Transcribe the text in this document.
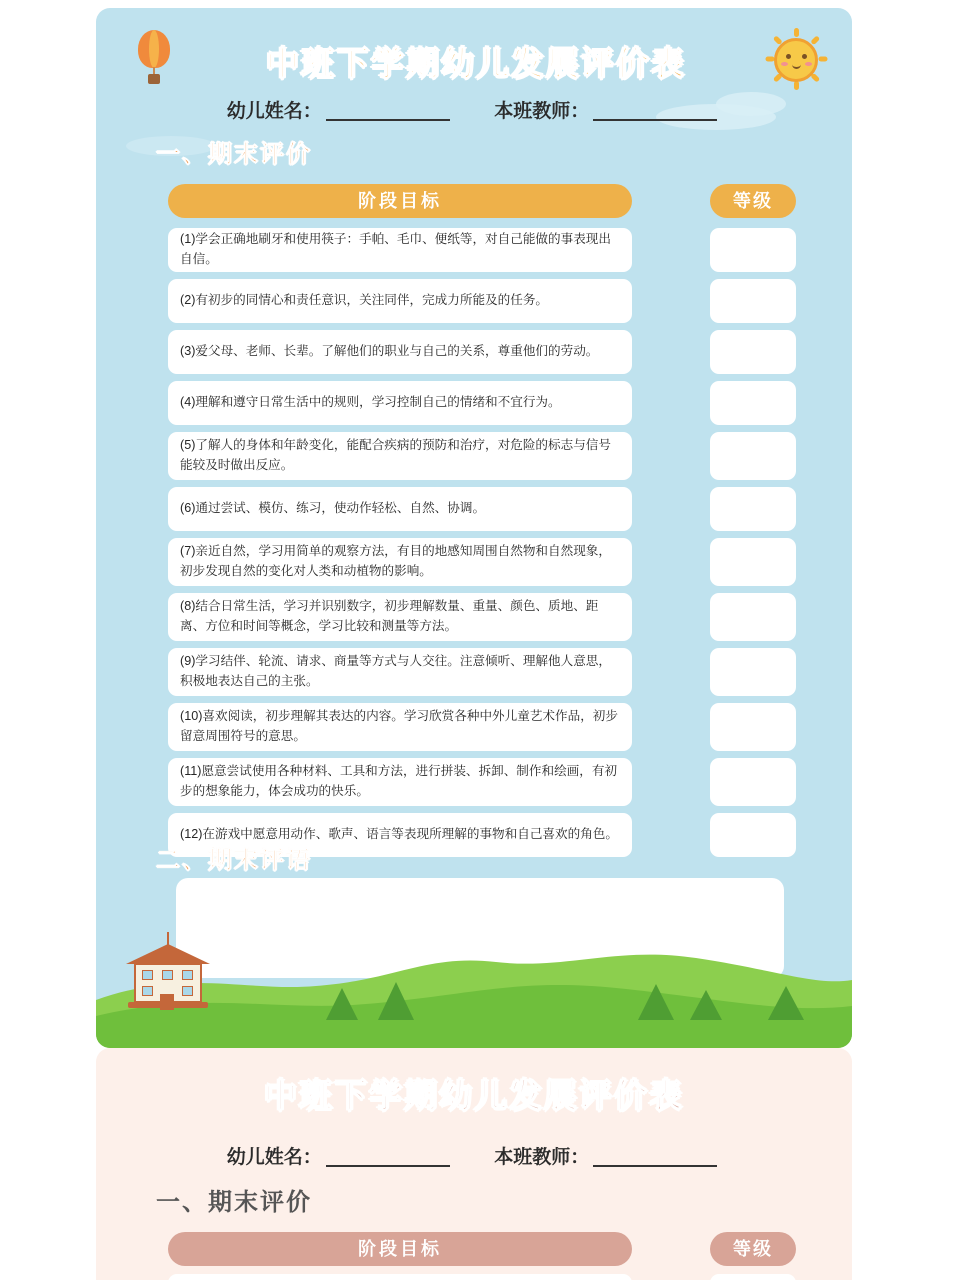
中班下学期幼儿发展评价表
幼儿姓名：	本班教师：
一、期末评价
阶段目标	等级
(1)学会正确地刷牙和使用筷子：手帕、毛巾、便纸等，对自己能做的事表现出自信。
(2)有初步的同情心和责任意识，关注同伴，完成力所能及的任务。
(3)爱父母、老师、长辈。了解他们的职业与自己的关系，尊重他们的劳动。
(4)理解和遵守日常生活中的规则，学习控制自己的情绪和不宜行为。
(5)了解人的身体和年龄变化，能配合疾病的预防和治疗，对危险的标志与信号能较及时做出反应。
(6)通过尝试、模仿、练习，使动作轻松、自然、协调。
(7)亲近自然，学习用简单的观察方法，有目的地感知周围自然物和自然现象，初步发现自然的变化对人类和动植物的影响。
(8)结合日常生活，学习并识别数字，初步理解数量、重量、颜色、质地、距离、方位和时间等概念，学习比较和测量等方法。
(9)学习结伴、轮流、请求、商量等方式与人交往。注意倾听、理解他人意思，积极地表达自己的主张。
(10)喜欢阅读，初步理解其表达的内容。学习欣赏各种中外儿童艺术作品，初步留意周围符号的意思。
(11)愿意尝试使用各种材料、工具和方法，进行拼装、拆卸、制作和绘画，有初步的想象能力，体会成功的快乐。
(12)在游戏中愿意用动作、歌声、语言等表现所理解的事物和自己喜欢的角色。
二、期末评语
中班下学期幼儿发展评价表
幼儿姓名：	本班教师：
一、期末评价
阶段目标	等级
